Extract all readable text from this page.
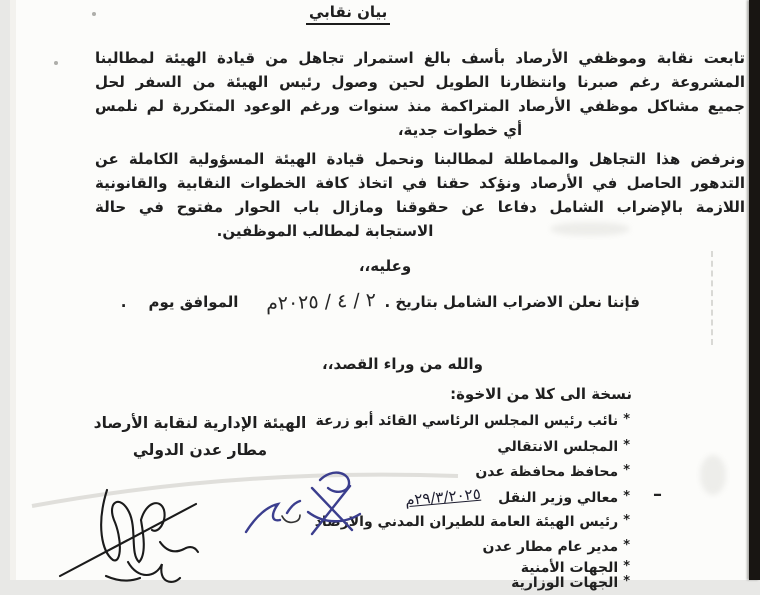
بيان نقابي
تابعت نقابة وموظفي الأرصاد بأسف بالغ استمرار تجاهل من قيادة الهيئة لمطالبنا
المشروعة رغم صبرنا وانتظارنا الطويل لحين وصول رئيس الهيئة من السفر لحل
جميع مشاكل موظفي الأرصاد المتراكمة منذ سنوات ورغم الوعود المتكررة لم نلمس
أي خطوات جدية،
ونرفض هذا التجاهل والمماطلة لمطالبنا ونحمل قيادة الهيئة المسؤولية الكاملة عن
التدهور الحاصل في الأرصاد ونؤكد حقنا في اتخاذ كافة الخطوات النقابية والقانونية
اللازمة بالإضراب الشامل دفاعا عن حقوقنا ومازال باب الحوار مفتوح في حالة
الاستجابة لمطالب الموظفين.
وعليه،،
فإننا نعلن الاضراب الشامل بتاريخ .
٢ / ٤ / ٢٠٢٥م
الموافق يوم
.
والله من وراء القصد،،
نسخة الى كلا من الاخوة:
*نائب رئيس المجلس الرئاسي القائد أبو زرعة
*المجلس الانتقالي
*محافظ محافظة عدن
*معالي وزير النقل ٢٩/٣/٢٠٢٥م
*رئيس الهيئة العامة للطيران المدني والارصاد
*مدير عام مطار عدن
*الجهات الأمنية
*الجهات الوزارية
–
الهيئة الإدارية لنقابة الأرصاد
مطار عدن الدولي
